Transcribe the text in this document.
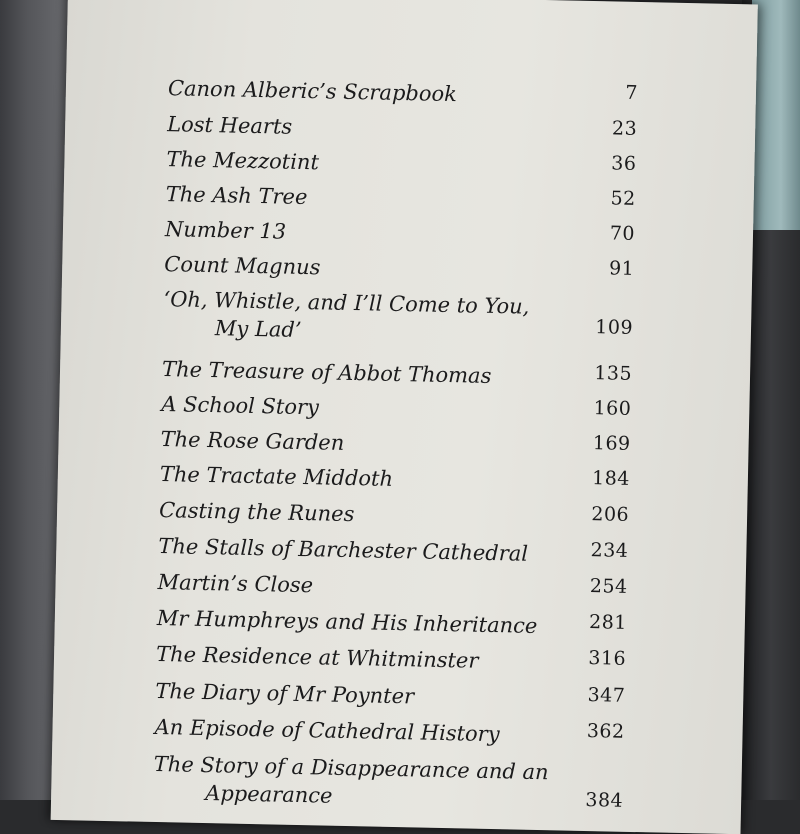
Canon Alberic’s Scrapbook	7
Lost Hearts	23
The Mezzotint	36
The Ash Tree	52
Number 13	70
Count Magnus	91
‘Oh, Whistle, and I’ll Come to You,
My Lad’	109
The Treasure of Abbot Thomas	135
A School Story	160
The Rose Garden	169
The Tractate Middoth	184
Casting the Runes	206
The Stalls of Barchester Cathedral	234
Martin’s Close	254
Mr Humphreys and His Inheritance	281
The Residence at Whitminster	316
The Diary of Mr Poynter	347
An Episode of Cathedral History	362
The Story of a Disappearance and an
Appearance	384
